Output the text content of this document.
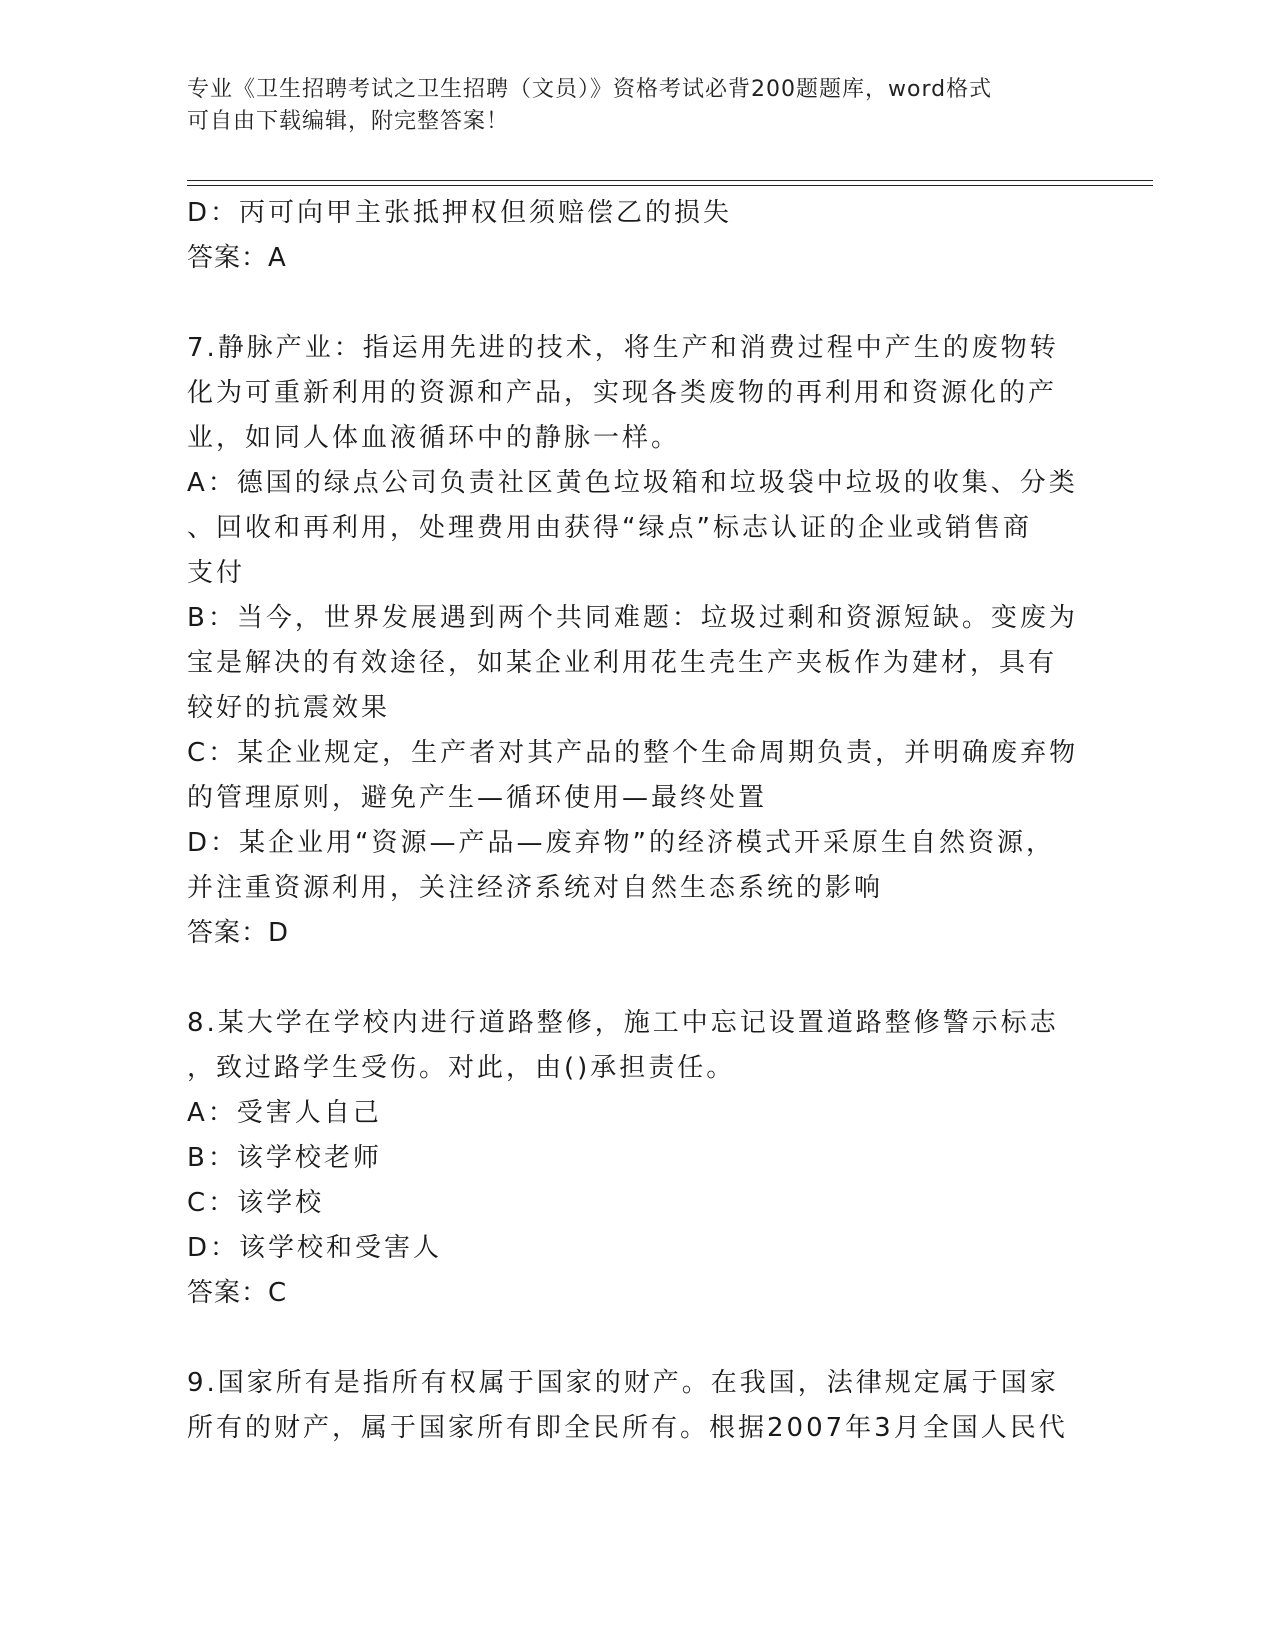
专业《卫生招聘考试之卫生招聘（文员）》资格考试必背200题题库，word格式
可自由下载编辑，附完整答案！
D：丙可向甲主张抵押权但须赔偿乙的损失
答案：A
7.静脉产业：指运用先进的技术，将生产和消费过程中产生的废物转
化为可重新利用的资源和产品，实现各类废物的再利用和资源化的产
业，如同人体血液循环中的静脉一样。
A：德国的绿点公司负责社区黄色垃圾箱和垃圾袋中垃圾的收集、分类
、回收和再利用，处理费用由获得“绿点”标志认证的企业或销售商
支付
B：当今，世界发展遇到两个共同难题：垃圾过剩和资源短缺。变废为
宝是解决的有效途径，如某企业利用花生壳生产夹板作为建材，具有
较好的抗震效果
C：某企业规定，生产者对其产品的整个生命周期负责，并明确废弃物
的管理原则，避免产生—循环使用—最终处置
D：某企业用“资源—产品—废弃物”的经济模式开采原生自然资源，
并注重资源利用，关注经济系统对自然生态系统的影响
答案：D
8.某大学在学校内进行道路整修，施工中忘记设置道路整修警示标志
，致过路学生受伤。对此，由()承担责任。
A：受害人自己
B：该学校老师
C：该学校
D：该学校和受害人
答案：C
9.国家所有是指所有权属于国家的财产。在我国，法律规定属于国家
所有的财产，属于国家所有即全民所有。根据2007年3月全国人民代
